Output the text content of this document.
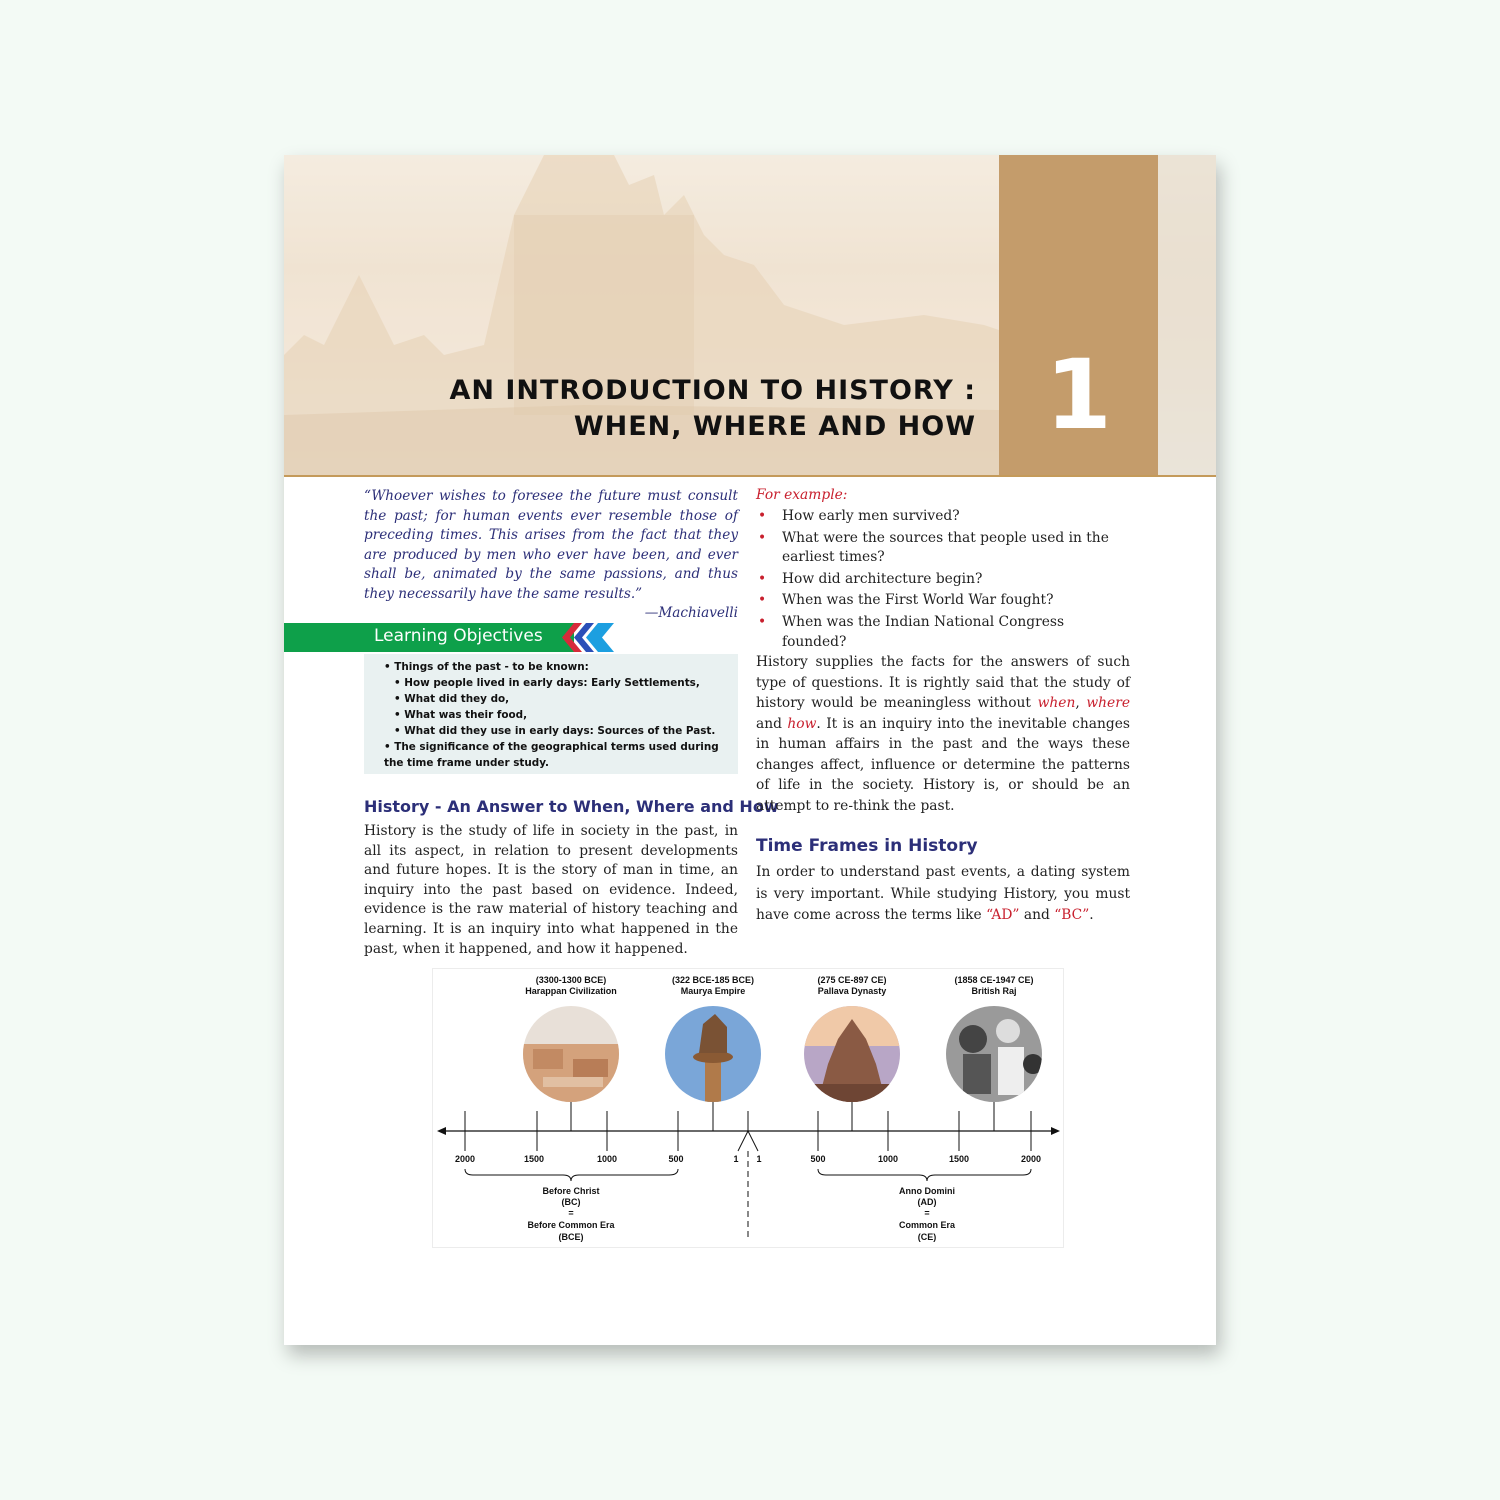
AN INTRODUCTION TO HISTORY :
WHEN, WHERE AND HOW 1
“Whoever wishes to foresee the future must consult the past; for human events ever resemble those of preceding times. This arises from the fact that they are produced by men who ever have been, and ever shall be, animated by the same passions, and thus they necessarily have the same results.”
—Machiavelli
Learning Objectives
• Things of the past - to be known:
• How people lived in early days: Early Settlements,
• What did they do,
• What was their food,
• What did they use in early days: Sources of the Past.
• The significance of the geographical terms used during the time frame under study.
History - An Answer to When, Where and How
History is the study of life in society in the past, in all its aspect, in relation to present developments and future hopes. It is the story of man in time, an inquiry into the past based on evidence. Indeed, evidence is the raw material of history teaching and learning. It is an inquiry into what happened in the past, when it happened, and how it happened.
For example:
• How early men survived?
• What were the sources that people used in the earliest times?
• How did architecture begin?
• When was the First World War fought?
• When was the Indian National Congress founded?
History supplies the facts for the answers of such type of questions. It is rightly said that the study of history would be meaningless without when, where and how. It is an inquiry into the inevitable changes in human affairs in the past and the ways these changes affect, influence or determine the patterns of life in the society. History is, or should be an attempt to re-think the past.
Time Frames in History
In order to understand past events, a dating system is very important. While studying History, you must have come across the terms like “AD” and “BC”.
(3300-1300 BCE)
Harappan Civilization
(322 BCE-185 BCE)
Maurya Empire
(275 CE-897 CE)
Pallava Dynasty
(1858 CE-1947 CE)
British Raj
2000	1500	1000	500	1 1	500	1000	1500	2000
Before Christ
(BC)
=
Before Common Era
(BCE)
Anno Domini
(AD)
=
Common Era
(CE)
